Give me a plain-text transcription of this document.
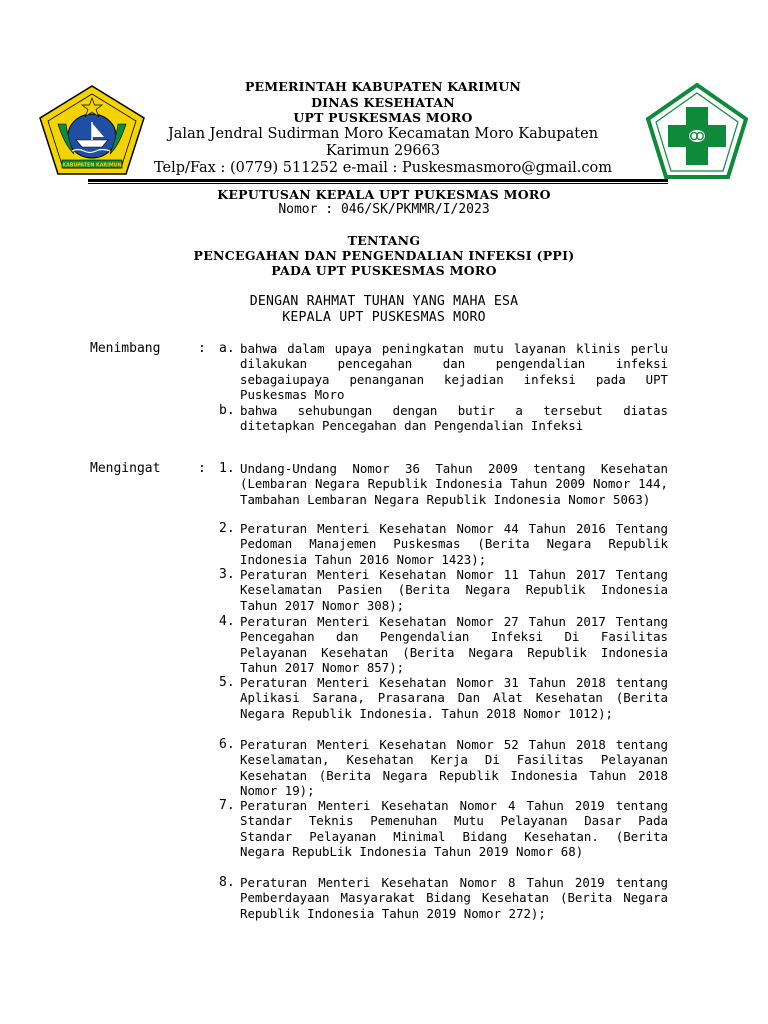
KABUPATEN KARIMUN
PEMERINTAH KABUPATEN KARIMUN
DINAS KESEHATAN
UPT PUSKESMAS MORO
Jalan Jendral Sudirman Moro Kecamatan Moro Kabupaten Karimun 29663
Telp/Fax : (0779) 511252 e-mail : Puskesmasmoro@gmail.com
KEPUTUSAN KEPALA UPT PUKESMAS MORO
Nomor : 046/SK/PKMMR/I/2023
TENTANG
PENCEGAHAN DAN PENGENDALIAN INFEKSI (PPI)
PADA UPT PUSKESMAS MORO
DENGAN RAHMAT TUHAN YANG MAHA ESA
KEPALA UPT PUSKESMAS MORO
Menimbang	: a. bahwa dalam upaya peningkatan mutu layanan klinis perlu dilakukan pencegahan dan pengendalian infeksi sebagaiupaya penanganan kejadian infeksi pada UPT Puskesmas Moro
b. bahwa sehubungan dengan butir a tersebut diatas ditetapkan Pencegahan dan Pengendalian Infeksi
Mengingat	: 1. Undang-Undang Nomor 36 Tahun 2009 tentang Kesehatan (Lembaran Negara Republik Indonesia Tahun 2009 Nomor 144, Tambahan Lembaran Negara Republik Indonesia Nomor 5063)
2. Peraturan Menteri Kesehatan Nomor 44 Tahun 2016 Tentang Pedoman Manajemen Puskesmas (Berita Negara Republik Indonesia Tahun 2016 Nomor 1423);
3. Peraturan Menteri Kesehatan Nomor 11 Tahun 2017 Tentang Keselamatan Pasien (Berita Negara Republik Indonesia Tahun 2017 Nomor 308);
4. Peraturan Menteri Kesehatan Nomor 27 Tahun 2017 Tentang Pencegahan dan Pengendalian Infeksi Di Fasilitas Pelayanan Kesehatan (Berita Negara Republik Indonesia Tahun 2017 Nomor 857);
5. Peraturan Menteri Kesehatan Nomor 31 Tahun 2018 tentang Aplikasi Sarana, Prasarana Dan Alat Kesehatan (Berita Negara Republik Indonesia. Tahun 2018 Nomor 1012);
6. Peraturan Menteri Kesehatan Nomor 52 Tahun 2018 tentang Keselamatan, Kesehatan Kerja Di Fasilitas Pelayanan Kesehatan (Berita Negara Republik Indonesia Tahun 2018 Nomor 19);
7. Peraturan Menteri Kesehatan Nomor 4 Tahun 2019 tentang Standar Teknis Pemenuhan Mutu Pelayanan Dasar Pada Standar Pelayanan Minimal Bidang Kesehatan. (Berita Negara RepubLik Indonesia Tahun 2019 Nomor 68)
8. Peraturan Menteri Kesehatan Nomor 8 Tahun 2019 tentang Pemberdayaan Masyarakat Bidang Kesehatan (Berita Negara Republik Indonesia Tahun 2019 Nomor 272);
